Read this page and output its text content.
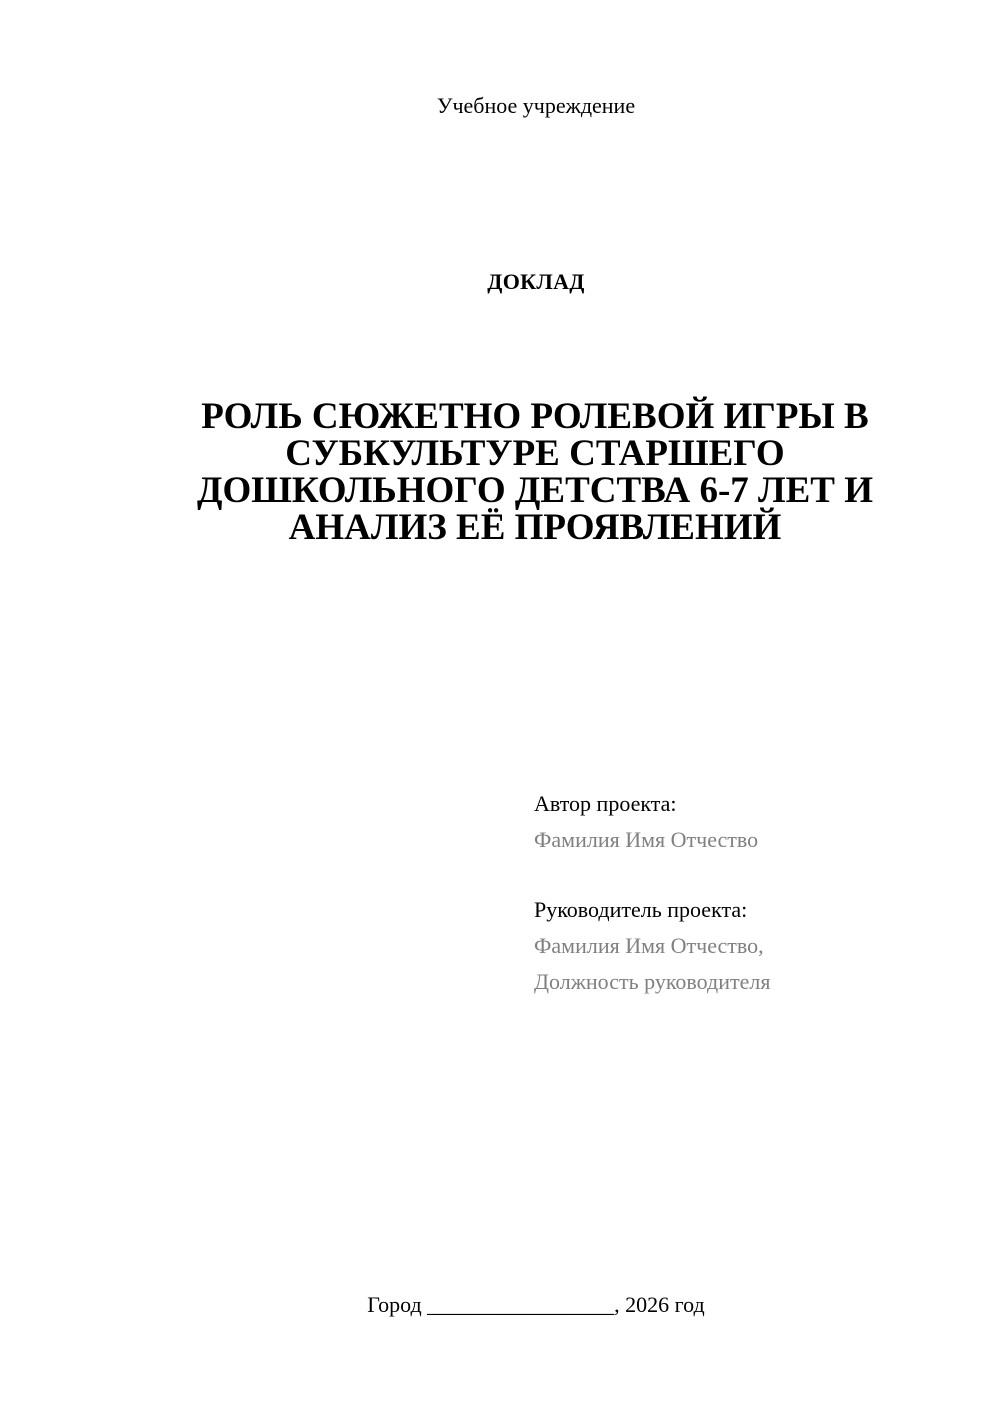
Учебное учреждение
ДОКЛАД
РОЛЬ СЮЖЕТНО РОЛЕВОЙ ИГРЫ В
СУБКУЛЬТУРЕ СТАРШЕГО
ДОШКОЛЬНОГО ДЕТСТВА 6-7 ЛЕТ И
АНАЛИЗ ЕЁ ПРОЯВЛЕНИЙ
Автор проекта:
Фамилия Имя Отчество
Руководитель проекта:
Фамилия Имя Отчество,
Должность руководителя
Город _________________, 2026 год
